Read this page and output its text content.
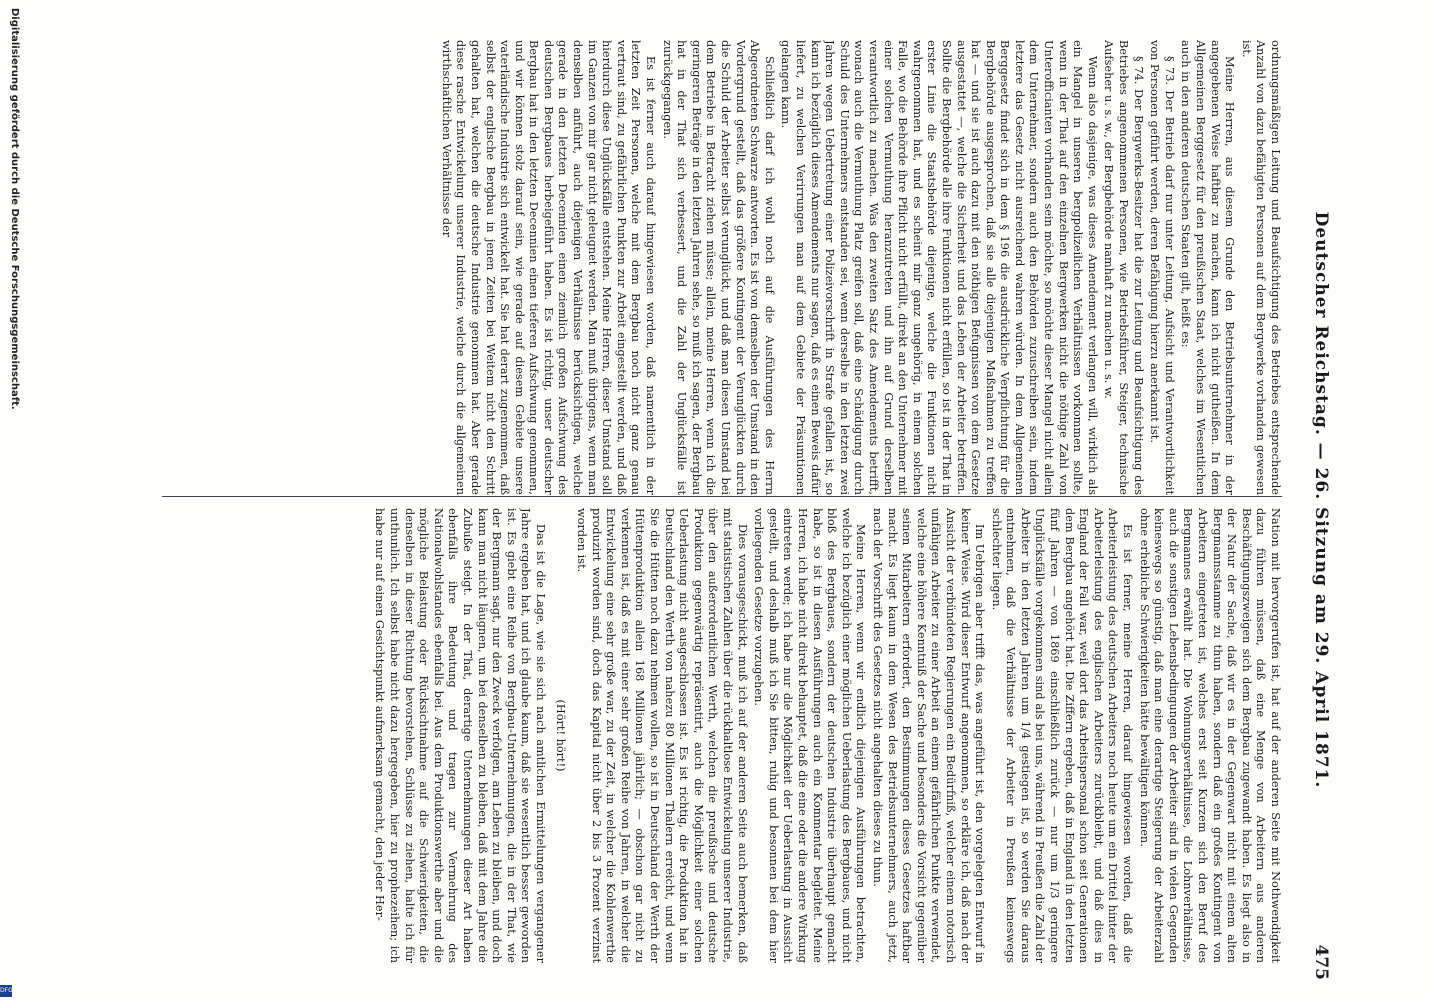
Deutscher Reichstag. — 26. Sitzung am 29. April 1871.
475

ordnungsmäßigen Leitung und Beaufsichtigung des Betriebes entsprechende Anzahl von dazu befähigten Personen auf dem Bergwerke vorhanden gewesen ist.

Meine Herren, aus diesem Grunde den Betriebsunternehmer in der angegebenen Weise haftbar zu machen, kann ich nicht gutheißen. In dem Allgemeinen Berggesetz für den preußischen Staat, welches im Wesentlichen auch in den anderen deutschen Staaten gilt, heißt es:

§ 73. Der Betrieb darf nur unter Leitung, Aufsicht und Verantwortlichkeit von Personen geführt werden, deren Befähigung hierzu anerkannt ist.

§ 74. Der Bergwerks-Besitzer hat die zur Leitung und Beaufsichtigung des Betriebes angenommenen Personen, wie Betriebsführer, Steiger, technische Aufseher u. s. w., der Bergbehörde namhaft zu machen u. s. w.

Wenn also dasjenige, was dieses Amendement verlangen will, wirklich als ein Mangel in unseren bergpolizeilichen Verhältnissen vorkommen sollte, wenn in der That auf den einzelnen Bergwerken nicht die nöthige Zahl von Unterofficianten vorhanden sein möchte, so möchte dieser Mangel nicht allein dem Unternehmer, sondern auch den Behörden zuzuschreiben sein, indem letztere das Gesetz nicht ausreichend wahren würden. In dem Allgemeinen Berggesetz findet sich in dem § 196 die ausdrückliche Verpflichtung für die Bergbehörde ausgesprochen, daß sie alle diejenigen Maßnahmen zu treffen hat — und sie ist auch dazu mit den nöthigen Befugnissen von dem Gesetze ausgestattet —, welche die Sicherheit und das Leben der Arbeiter betreffen. Sollte die Bergbehörde alle ihre Funktionen nicht erfüllen, so ist in der That in erster Linie die Staatsbehörde diejenige, welche die Funktionen nicht wahrgenommen hat, und es scheint mir ganz ungehörig, in einem solchen Falle, wo die Behörde ihre Pflicht nicht erfüllt, direkt an den Unternehmer mit einer solchen Vermuthung heranzutreten und ihn auf Grund derselben verantwortlich zu machen. Was den zweiten Satz des Amendements betrifft, wonach auch die Vermuthung Platz greifen soll, daß eine Schädigung durch Schuld des Unternehmers entstanden sei, wenn derselbe in den letzten zwei Jahren wegen Uebertretung einer Polizeivorschrift in Strafe gefallen ist, so kann ich bezüglich dieses Amendements nur sagen, daß es einen Beweis dafür liefert, zu welchen Verirrungen man auf dem Gebiete der Präsumtionen gelangen kann.

Schließlich darf ich wohl noch auf die Ausführungen des Herrn Abgeordneten Schwarze antworten. Es ist von demselben der Umstand in den Vordergrund gestellt, daß das größere Kontingent der Verunglückten durch die Schuld der Arbeiter selbst verunglückt, und daß man diesen Umstand bei dem Betriebe in Betracht ziehen müsse; allein, meine Herren, wenn ich die geringeren Beträge in den letzten Jahren sehe, so muß ich sagen, der Bergbau hat in der That sich verbessert, und die Zahl der Unglücksfälle ist zurückgegangen.

Es ist ferner auch darauf hingewiesen worden, daß namentlich in der letzten Zeit Personen, welche mit dem Bergbau noch nicht ganz genau vertraut sind, zu gefährlichen Punkten zur Arbeit eingestellt werden, und daß hierdurch diese Unglücksfälle entstehen. Meine Herren, dieser Umstand soll im Ganzen von mir gar nicht geleugnet werden. Man muß übrigens, wenn man denselben anführt, auch diejenigen Verhältnisse berücksichtigen, welche gerade in den letzten Decennien einen ziemlich großen Aufschwung des deutschen Bergbaues herbeigeführt haben. Es ist richtig, unser deutscher Bergbau hat in den letzten Decennien einen tieferen Aufschwung genommen, und wir können stolz darauf sein, wie gerade auf diesem Gebiete unsere vaterländische Industrie sich entwickelt hat. Sie hat derart zugenommen, daß selbst der englische Bergbau in jenen Zeiten bei Weitem nicht den Schritt gehalten hat, welchen die deutsche Industrie genommen hat. Aber gerade diese rasche Entwickelung unserer Industrie, welche durch die allgemeinen wirthschaftlichen Verhältnisse der

Nation mit hervorgerufen ist, hat auf der anderen Seite mit Nothwendigkeit dazu führen müssen, daß eine Menge von Arbeitern aus anderen Beschäftigungszweigen sich dem Bergbau zugewandt haben. Es liegt also in der Natur der Sache, daß wir es in der Gegenwart nicht mit einem alten Bergmannsstamme zu thun haben, sondern daß ein großes Kontingent von Arbeitern eingetreten ist, welches erst seit Kurzem sich den Beruf des Bergmannes erwählt hat. Die Wohnungsverhältnisse, die Lohnverhältnisse, auch die sonstigen Lebensbedingungen der Arbeiter sind in vielen Gegenden keineswegs so günstig, daß man eine derartige Steigerung der Arbeiterzahl ohne erhebliche Schwierigkeiten hätte bewältigen können.

Es ist ferner, meine Herren, darauf hingewiesen worden, daß die Arbeiterleistung des deutschen Arbeiters noch heute um ein Drittel hinter der Arbeiterleistung des englischen Arbeiters zurückbleibt, und daß dies in England der Fall war, weil dort das Arbeitspersonal schon seit Generationen dem Bergbau angehört hat. Die Ziffern ergeben, daß in England in den letzten fünf Jahren — von 1869 einschließlich zurück — nur um 1/3 geringere Unglücksfälle vorgekommen sind als bei uns, während in Preußen die Zahl der Arbeiter in den letzten Jahren um 1/4 gestiegen ist, so werden Sie daraus entnehmen, daß die Verhältnisse der Arbeiter in Preußen keineswegs schlechter liegen.

Im Uebrigen aber trifft das, was angeführt ist, den vorgelegten Entwurf in keiner Weise. Wird dieser Entwurf angenommen, so erkläre ich, daß nach der Ansicht der verbündeten Regierungen ein Bedürfniß, welcher einem notorisch unfähigen Arbeiter zu einer Arbeit an einem gefährlichen Punkte verwendet, welche eine höhere Kenntniß der Sache und besonders die Vorsicht gegenüber seinen Mitarbeitern erfordert, den Bestimmungen dieses Gesetzes haftbar macht. Es liegt kaum in dem Wesen des Betriebsunternehmers, auch jetzt, nach der Vorschrift des Gesetzes nicht angehalten dieses zu thun.

Meine Herren, wenn wir endlich diejenigen Ausführungen betrachten, welche ich bezüglich einer möglichen Ueberlastung des Bergbaues, und nicht bloß des Bergbaues, sondern der deutschen Industrie überhaupt gemacht habe, so ist in diesen Ausführungen auch ein Kommentar begleitet. Meine Herren, ich habe nicht direkt behauptet, daß die eine oder die andere Wirkung eintreten werde; ich habe nur die Möglichkeit der Ueberlastung in Aussicht gestellt, und deshalb muß ich Sie bitten, ruhig und besonnen bei dem hier vorliegenden Gesetze vorzugehen.

Dies vorausgeschickt, muß ich auf der anderen Seite auch bemerken, daß mit statistischen Zahlen über die rückhaltlose Entwickelung unserer Industrie, über den außerordentlichen Werth, welchen die preußische und deutsche Produktion gegenwärtig repräsentirt, auch die Möglichkeit einer solchen Ueberlastung nicht ausgeschlossen ist. Es ist richtig, die Produktion hat in Deutschland den Werth von nahezu 80 Millionen Thalern erreicht, und wenn Sie die Hütten noch dazu nehmen wollen, so ist in Deutschland der Werth der Hüttenproduktion allein 168 Millionen jährlich; — obschon gar nicht zu verkennen ist, daß es mit einer sehr großen Reihe von Jahren, in welcher die Entwickelung eine sehr große war, zu der Zeit, in welcher die Kohlenwerthe produzirt worden sind, doch das Kapital nicht über 2 bis 3 Prozent verzinst worden ist.

(Hört! hört!)

Das ist die Lage, wie sie sich nach amtlichen Ermittelungen vergangener Jahre ergeben hat, und ich glaube kaum, daß sie wesentlich besser geworden ist. Es giebt eine Reihe von Bergbau-Unternehmungen, die in der That, wie der Bergmann sagt, nur den Zweck verfolgen, am Leben zu bleiben, und doch kann man nicht läugnen, um bei denselben zu bleiben, daß mit dem Jahre die Zubuße steigt. In der That, derartige Unternehmungen dieser Art haben ebenfalls ihre Bedeutung und tragen zur Vermehrung des Nationalwohlstandes ebenfalls bei. Aus dem Produktionswerthe aber und die mögliche Belastung oder Rücksichtnahme auf die Schwierigkeiten, die denselben in dieser Richtung bevorstehen, Schlüsse zu ziehen, halte ich für unthunlich. Ich selbst habe nicht dazu hergegeben, hier zu prophezeihen; ich habe nur auf einen Gesichtspunkt aufmerksam gemacht, den jeder Her-

Digitalisierung gefördert durch die Deutsche Forschungsgemeinschaft.
DFG
